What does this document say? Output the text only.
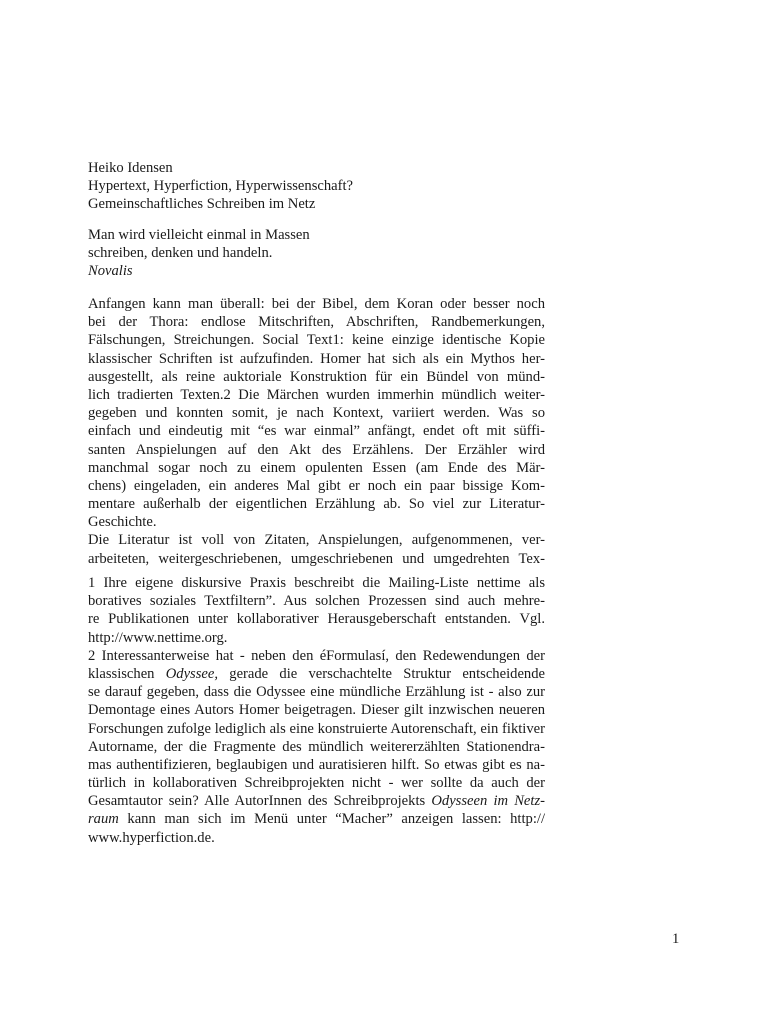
Heiko Idensen
Hypertext, Hyperfiction, Hyperwissenschaft?
Gemeinschaftliches Schreiben im Netz
Man wird vielleicht einmal in Massen
schreiben, denken und handeln.
Novalis
Anfangen kann man überall: bei der Bibel, dem Koran oder besser noch
bei der Thora: endlose Mitschriften, Abschriften, Randbemerkungen,
Fälschungen, Streichungen. Social Text1: keine einzige identische Kopie
klassischer Schriften ist aufzufinden. Homer hat sich als ein Mythos her-
ausgestellt, als reine auktoriale Konstruktion für ein Bündel von münd-
lich tradierten Texten.2 Die Märchen wurden immerhin mündlich weiter-
gegeben und konnten somit, je nach Kontext, variiert werden. Was so
einfach und eindeutig mit “es war einmal” anfängt, endet oft mit süffi-
santen Anspielungen auf den Akt des Erzählens. Der Erzähler wird
manchmal sogar noch zu einem opulenten Essen (am Ende des Mär-
chens) eingeladen, ein anderes Mal gibt er noch ein paar bissige Kom-
mentare außerhalb der eigentlichen Erzählung ab. So viel zur Literatur-
Geschichte.
Die Literatur ist voll von Zitaten, Anspielungen, aufgenommenen, ver-
arbeiteten, weitergeschriebenen, umgeschriebenen und umgedrehten Tex-
1 Ihre eigene diskursive Praxis beschreibt die Mailing-Liste nettime als
boratives soziales Textfiltern”. Aus solchen Prozessen sind auch mehre-
re Publikationen unter kollaborativer Herausgeberschaft entstanden. Vgl.
http://www.nettime.org.
2 Interessanterweise hat - neben den éFormulasí, den Redewendungen der
klassischen Odyssee, gerade die verschachtelte Struktur entscheidende
se darauf gegeben, dass die Odyssee eine mündliche Erzählung ist - also zur
Demontage eines Autors Homer beigetragen. Dieser gilt inzwischen neueren
Forschungen zufolge lediglich als eine konstruierte Autorenschaft, ein fiktiver
Autorname, der die Fragmente des mündlich weitererzählten Stationendra-
mas authentifizieren, beglaubigen und auratisieren hilft. So etwas gibt es na-
türlich in kollaborativen Schreibprojekten nicht - wer sollte da auch der
Gesamtautor sein? Alle AutorInnen des Schreibprojekts Odysseen im Netz-
raum kann man sich im Menü unter “Macher” anzeigen lassen: http://
www.hyperfiction.de.
1
